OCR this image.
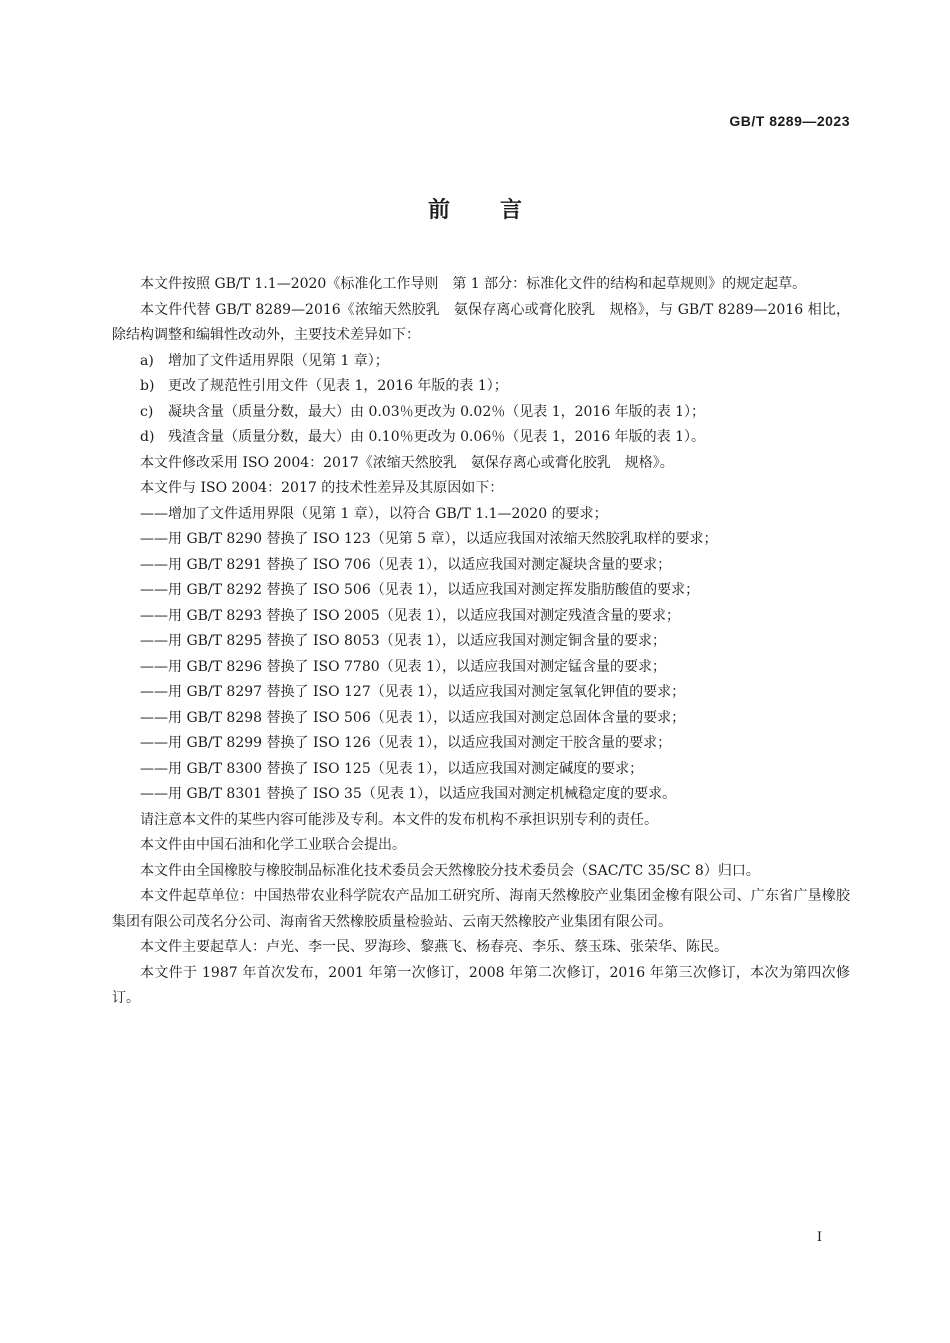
GB/T 8289—2023
前言

本文件按照 GB/T 1.1—2020《标准化工作导则　第 1 部分：标准化文件的结构和起草规则》的规定起草。

本文件代替 GB/T 8289—2016《浓缩天然胶乳　氨保存离心或膏化胶乳　规格》，与 GB/T 8289—2016 相比，除结构调整和编辑性改动外，主要技术差异如下：

a) 增加了文件适用界限（见第 1 章）；

b) 更改了规范性引用文件（见表 1，2016 年版的表 1）；

c) 凝块含量（质量分数，最大）由 0.03％更改为 0.02％（见表 1，2016 年版的表 1）；

d) 残渣含量（质量分数，最大）由 0.10％更改为 0.06％（见表 1，2016 年版的表 1）。

本文件修改采用 ISO 2004：2017《浓缩天然胶乳　氨保存离心或膏化胶乳　规格》。

本文件与 ISO 2004：2017 的技术性差异及其原因如下：

——增加了文件适用界限（见第 1 章），以符合 GB/T 1.1—2020 的要求；

——用 GB/T 8290 替换了 ISO 123（见第 5 章），以适应我国对浓缩天然胶乳取样的要求；

——用 GB/T 8291 替换了 ISO 706（见表 1），以适应我国对测定凝块含量的要求；

——用 GB/T 8292 替换了 ISO 506（见表 1），以适应我国对测定挥发脂肪酸值的要求；

——用 GB/T 8293 替换了 ISO 2005（见表 1），以适应我国对测定残渣含量的要求；

——用 GB/T 8295 替换了 ISO 8053（见表 1），以适应我国对测定铜含量的要求；

——用 GB/T 8296 替换了 ISO 7780（见表 1），以适应我国对测定锰含量的要求；

——用 GB/T 8297 替换了 ISO 127（见表 1），以适应我国对测定氢氧化钾值的要求；

——用 GB/T 8298 替换了 ISO 506（见表 1），以适应我国对测定总固体含量的要求；

——用 GB/T 8299 替换了 ISO 126（见表 1），以适应我国对测定干胶含量的要求；

——用 GB/T 8300 替换了 ISO 125（见表 1），以适应我国对测定碱度的要求；

——用 GB/T 8301 替换了 ISO 35（见表 1），以适应我国对测定机械稳定度的要求。

请注意本文件的某些内容可能涉及专利。本文件的发布机构不承担识别专利的责任。

本文件由中国石油和化学工业联合会提出。

本文件由全国橡胶与橡胶制品标准化技术委员会天然橡胶分技术委员会（SAC/TC 35/SC 8）归口。

本文件起草单位：中国热带农业科学院农产品加工研究所、海南天然橡胶产业集团金橡有限公司、广东省广垦橡胶集团有限公司茂名分公司、海南省天然橡胶质量检验站、云南天然橡胶产业集团有限公司。

本文件主要起草人：卢光、李一民、罗海珍、黎燕飞、杨春亮、李乐、蔡玉珠、张荣华、陈民。

本文件于 1987 年首次发布，2001 年第一次修订，2008 年第二次修订，2016 年第三次修订，本次为第四次修订。

I
